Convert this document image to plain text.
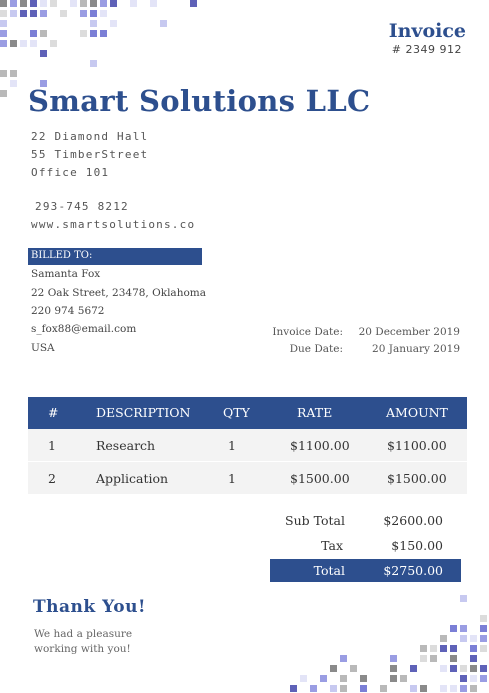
Invoice
# 2349 912
Smart Solutions LLC
22 Diamond Hall
55 TimberStreet
Office 101
293-745 8212
www.smartsolutions.co
BILLED TO:
Samanta Fox
22 Oak Street, 23478, Oklahoma
220 974 5672
s_fox88@email.com
USA
Invoice Date: 20 December 2019
Due Date:	20 January 2019
#	DESCRIPTION	QTY	RATE	AMOUNT
1	Research	1	$1100.00	$1100.00
2	Application	1	$1500.00	$1500.00
Sub Total	$2600.00
Tax	$150.00
Total	$2750.00
Thank You!
We had a pleasure
working with you!
